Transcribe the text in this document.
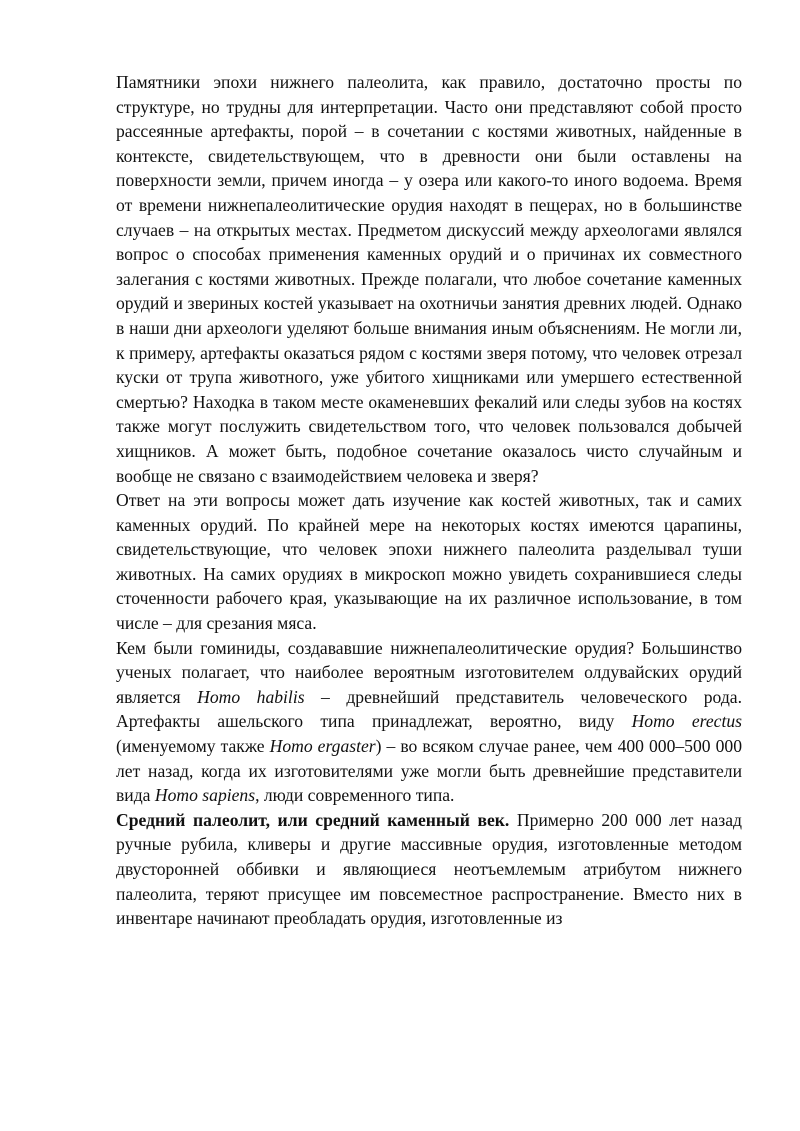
Памятники эпохи нижнего палеолита, как правило, достаточно просты по структуре, но трудны для интерпретации. Часто они представляют собой просто рассеянные артефакты, порой – в сочетании с костями животных, найденные в контексте, свидетельствующем, что в древности они были оставлены на поверхности земли, причем иногда – у озера или какого-то иного водоема. Время от времени нижнепалеолитические орудия находят в пещерах, но в большинстве случаев – на открытых местах. Предметом дискуссий между археологами являлся вопрос о способах применения каменных орудий и о причинах их совместного залегания с костями животных. Прежде полагали, что любое сочетание каменных орудий и звериных костей указывает на охотничьи занятия древних людей. Однако в наши дни археологи уделяют больше внимания иным объяснениям. Не могли ли, к примеру, артефакты оказаться рядом с костями зверя потому, что человек отрезал куски от трупа животного, уже убитого хищниками или умершего естественной смертью? Находка в таком месте окаменевших фекалий или следы зубов на костях также могут послужить свидетельством того, что человек пользовался добычей хищников. А может быть, подобное сочетание оказалось чисто случайным и вообще не связано с взаимодействием человека и зверя?

Ответ на эти вопросы может дать изучение как костей животных, так и самих каменных орудий. По крайней мере на некоторых костях имеются царапины, свидетельствующие, что человек эпохи нижнего палеолита разделывал туши животных. На самих орудиях в микроскоп можно увидеть сохранившиеся следы сточенности рабочего края, указывающие на их различное использование, в том числе – для срезания мяса.

Кем были гоминиды, создававшие нижнепалеолитические орудия? Большинство ученых полагает, что наиболее вероятным изготовителем олдувайских орудий является Homo habilis – древнейший представитель человеческого рода. Артефакты ашельского типа принадлежат, вероятно, виду Homo erectus (именуемому также Homo ergaster) – во всяком случае ранее, чем 400 000–500 000 лет назад, когда их изготовителями уже могли быть древнейшие представители вида Homo sapiens, люди современного типа.

Средний палеолит, или средний каменный век. Примерно 200 000 лет назад ручные рубила, кливеры и другие массивные орудия, изготовленные методом двусторонней оббивки и являющиеся неотъемлемым атрибутом нижнего палеолита, теряют присущее им повсеместное распространение. Вместо них в инвентаре начинают преобладать орудия, изготовленные из
